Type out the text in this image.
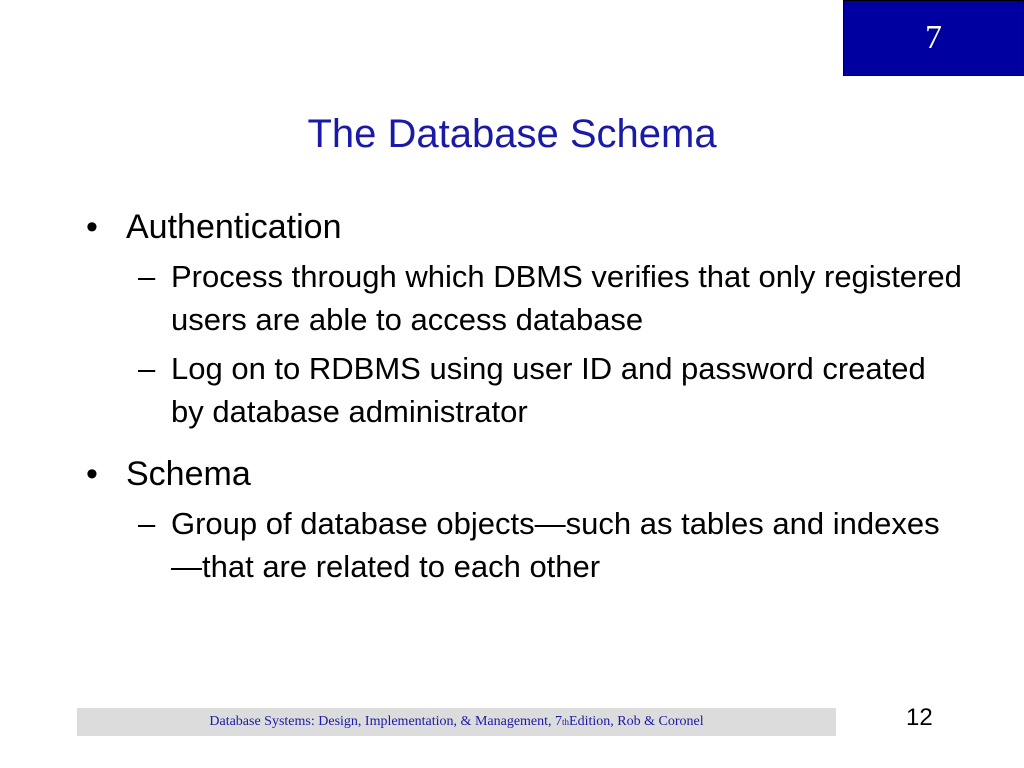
7
The Database Schema
• Authentication
– Process through which DBMS verifies that only registered users are able to access database
– Log on to RDBMS using user ID and password created by database administrator
• Schema
– Group of database objects—such as tables and indexes—that are related to each other
Database Systems: Design, Implementation, & Management, 7 th Edition, Rob & Coronel	12
